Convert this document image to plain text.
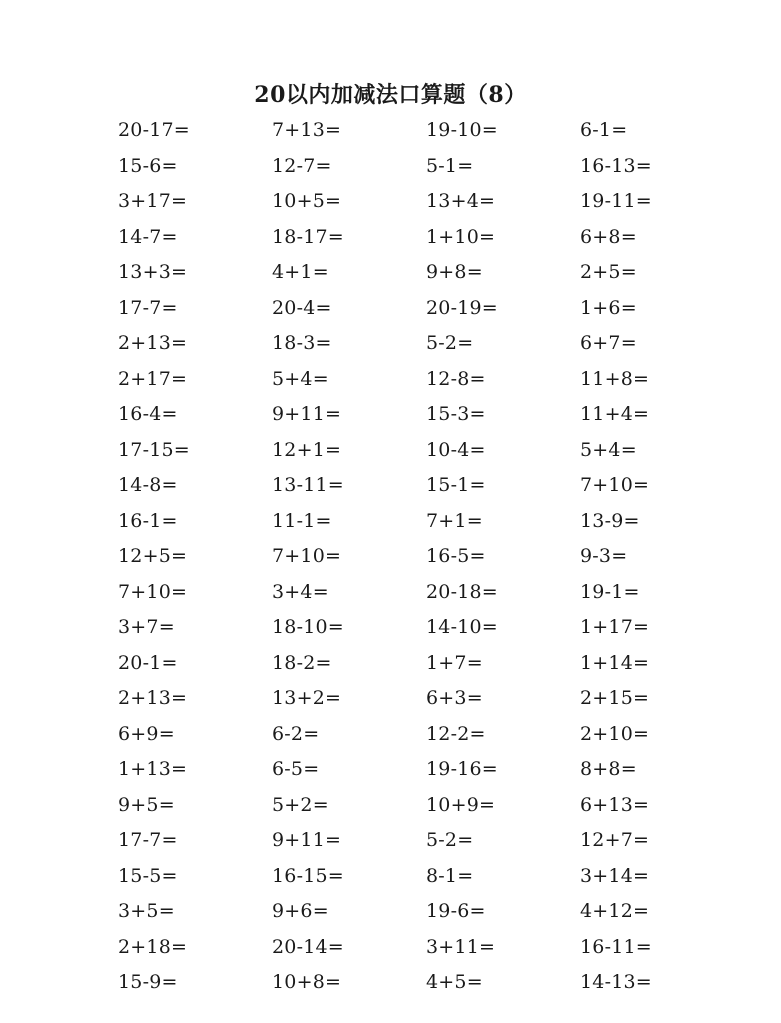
20以内加减法口算题（8）
20-17=	7+13=	19-10=	6-1=
15-6=	12-7=	5-1=	16-13=
3+17=	10+5=	13+4=	19-11=
14-7=	18-17=	1+10=	6+8=
13+3=	4+1=	9+8=	2+5=
17-7=	20-4=	20-19=	1+6=
2+13=	18-3=	5-2=	6+7=
2+17=	5+4=	12-8=	11+8=
16-4=	9+11=	15-3=	11+4=
17-15=	12+1=	10-4=	5+4=
14-8=	13-11=	15-1=	7+10=
16-1=	11-1=	7+1=	13-9=
12+5=	7+10=	16-5=	9-3=
7+10=	3+4=	20-18=	19-1=
3+7=	18-10=	14-10=	1+17=
20-1=	18-2=	1+7=	1+14=
2+13=	13+2=	6+3=	2+15=
6+9=	6-2=	12-2=	2+10=
1+13=	6-5=	19-16=	8+8=
9+5=	5+2=	10+9=	6+13=
17-7=	9+11=	5-2=	12+7=
15-5=	16-15=	8-1=	3+14=
3+5=	9+6=	19-6=	4+12=
2+18=	20-14=	3+11=	16-11=
15-9=	10+8=	4+5=	14-13=
